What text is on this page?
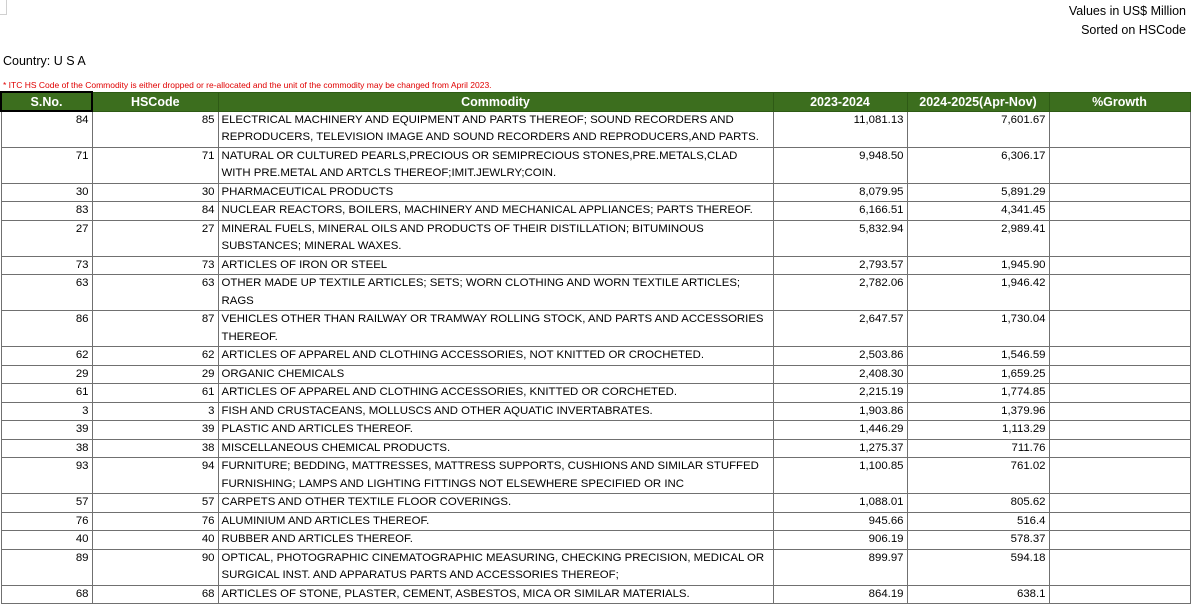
Values in US$ Million
Sorted on HSCode
Country: U S A
* ITC HS Code of the Commodity is either dropped or re-allocated and the unit of the commodity may be changed from April 2023.
S.No.	HSCode	Commodity	2023-2024	2024-2025(Apr-Nov)	%Growth
84	85	ELECTRICAL MACHINERY AND EQUIPMENT AND PARTS THEREOF; SOUND RECORDERS AND REPRODUCERS, TELEVISION IMAGE AND SOUND RECORDERS AND REPRODUCERS,AND PARTS.	11,081.13	7,601.67	
71	71	NATURAL OR CULTURED PEARLS,PRECIOUS OR SEMIPRECIOUS STONES,PRE.METALS,CLAD WITH PRE.METAL AND ARTCLS THEREOF;IMIT.JEWLRY;COIN.	9,948.50	6,306.17	
30	30	PHARMACEUTICAL PRODUCTS	8,079.95	5,891.29	
83	84	NUCLEAR REACTORS, BOILERS, MACHINERY AND MECHANICAL APPLIANCES; PARTS THEREOF.	6,166.51	4,341.45	
27	27	MINERAL FUELS, MINERAL OILS AND PRODUCTS OF THEIR DISTILLATION; BITUMINOUS SUBSTANCES; MINERAL WAXES.	5,832.94	2,989.41	
73	73	ARTICLES OF IRON OR STEEL	2,793.57	1,945.90	
63	63	OTHER MADE UP TEXTILE ARTICLES; SETS; WORN CLOTHING AND WORN TEXTILE ARTICLES; RAGS	2,782.06	1,946.42	
86	87	VEHICLES OTHER THAN RAILWAY OR TRAMWAY ROLLING STOCK, AND PARTS AND ACCESSORIES THEREOF.	2,647.57	1,730.04	
62	62	ARTICLES OF APPAREL AND CLOTHING ACCESSORIES, NOT KNITTED OR CROCHETED.	2,503.86	1,546.59	
29	29	ORGANIC CHEMICALS	2,408.30	1,659.25	
61	61	ARTICLES OF APPAREL AND CLOTHING ACCESSORIES, KNITTED OR CORCHETED.	2,215.19	1,774.85	
3	3	FISH AND CRUSTACEANS, MOLLUSCS AND OTHER AQUATIC INVERTABRATES.	1,903.86	1,379.96	
39	39	PLASTIC AND ARTICLES THEREOF.	1,446.29	1,113.29	
38	38	MISCELLANEOUS CHEMICAL PRODUCTS.	1,275.37	711.76	
93	94	FURNITURE; BEDDING, MATTRESSES, MATTRESS SUPPORTS, CUSHIONS AND SIMILAR STUFFED FURNISHING; LAMPS AND LIGHTING FITTINGS NOT ELSEWHERE SPECIFIED OR INC	1,100.85	761.02	
57	57	CARPETS AND OTHER TEXTILE FLOOR COVERINGS.	1,088.01	805.62	
76	76	ALUMINIUM AND ARTICLES THEREOF.	945.66	516.4	
40	40	RUBBER AND ARTICLES THEREOF.	906.19	578.37	
89	90	OPTICAL, PHOTOGRAPHIC CINEMATOGRAPHIC MEASURING, CHECKING PRECISION, MEDICAL OR SURGICAL INST. AND APPARATUS PARTS AND ACCESSORIES THEREOF;	899.97	594.18	
68	68	ARTICLES OF STONE, PLASTER, CEMENT, ASBESTOS, MICA OR SIMILAR MATERIALS.	864.19	638.1	
